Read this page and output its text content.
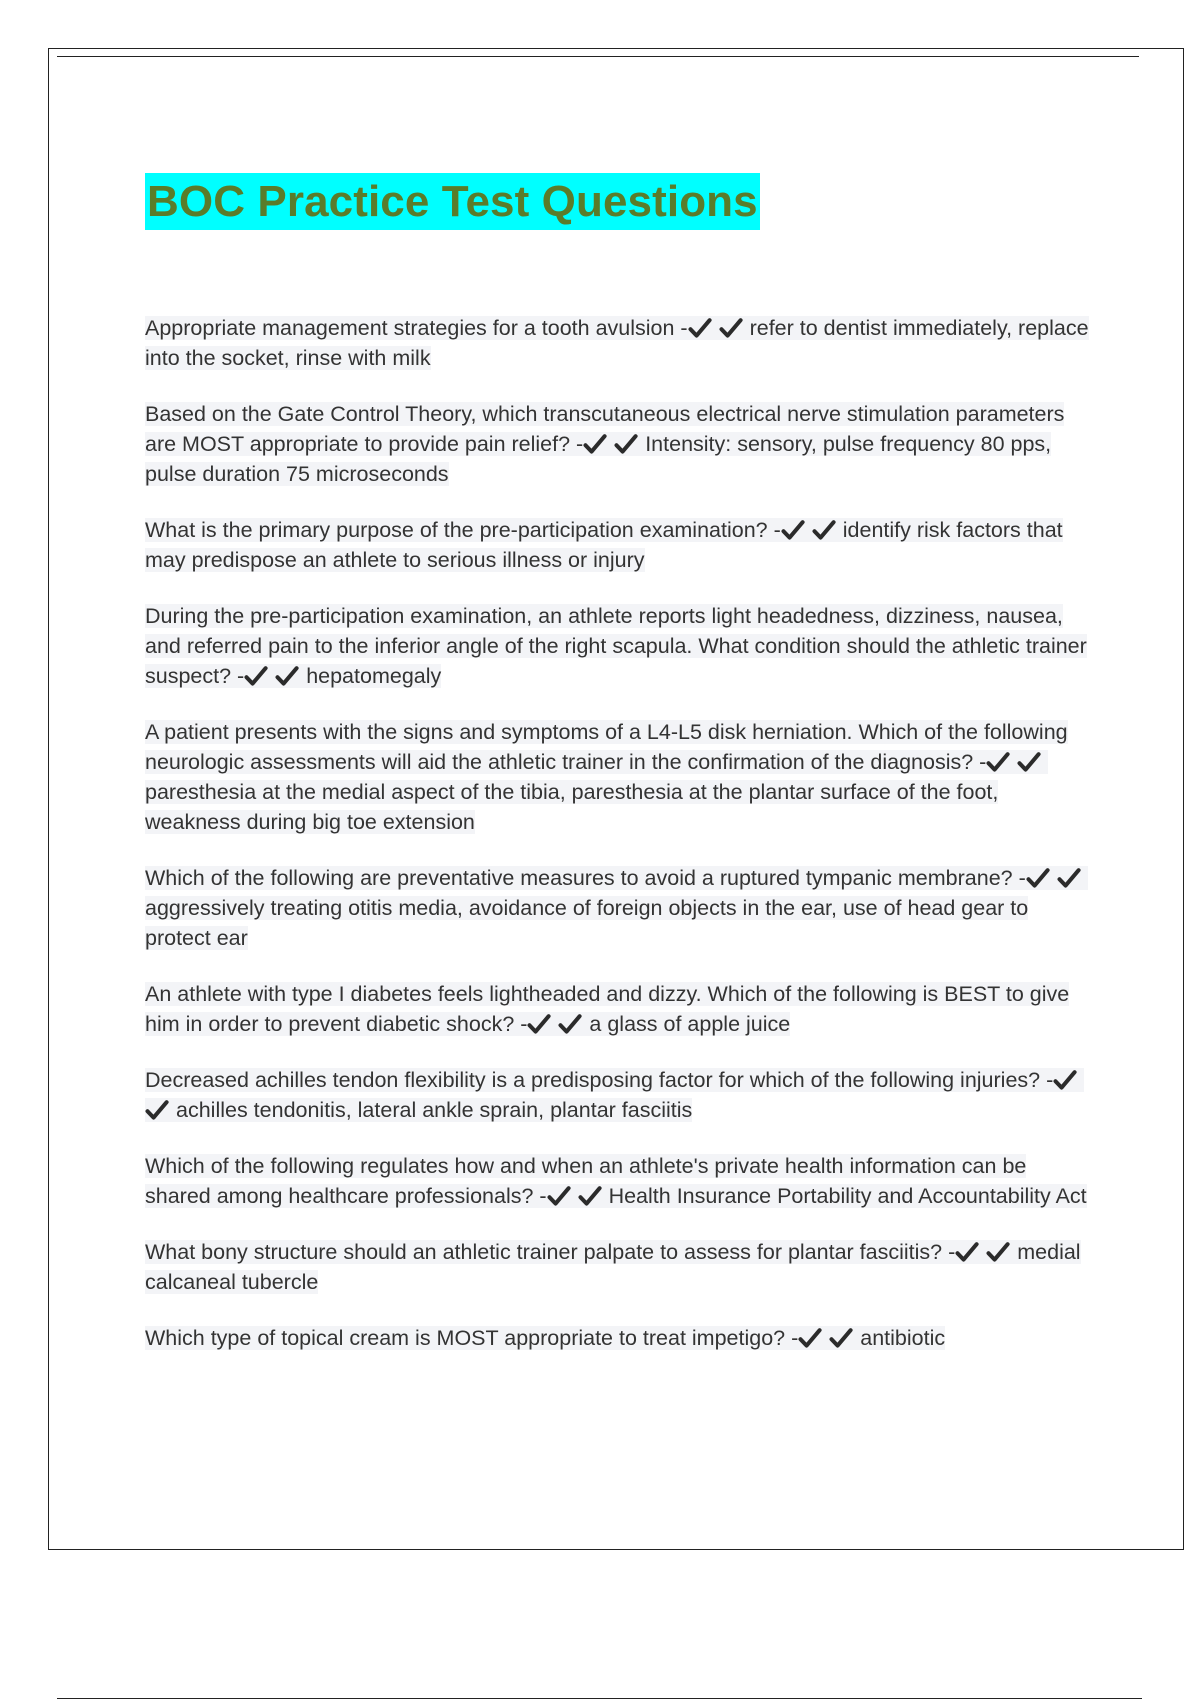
BOC Practice Test Questions

Appropriate management strategies for a tooth avulsion -	refer to dentist immediately, replace into the socket, rinse with milk

Based on the Gate Control Theory, which transcutaneous electrical nerve stimulation parameters are MOST appropriate to provide pain relief? -	Intensity: sensory, pulse frequency 80 pps, pulse duration 75 microseconds

What is the primary purpose of the pre-participation examination? -	identify risk factors that may predispose an athlete to serious illness or injury

During the pre-participation examination, an athlete reports light headedness, dizziness, nausea, and referred pain to the inferior angle of the right scapula. What condition should the athletic trainer suspect? -	hepatomegaly

A patient presents with the signs and symptoms of a L4-L5 disk herniation. Which of the following neurologic assessments will aid the athletic trainer in the confirmation of the diagnosis? -
paresthesia at the medial aspect of the tibia, paresthesia at the plantar surface of the foot, weakness during big toe extension

Which of the following are preventative measures to avoid a ruptured tympanic membrane? -
aggressively treating otitis media, avoidance of foreign objects in the ear, use of head gear to protect ear

An athlete with type I diabetes feels lightheaded and dizzy. Which of the following is BEST to give him in order to prevent diabetic shock? -	a glass of apple juice

Decreased achilles tendon flexibility is a predisposing factor for which of the following injuries? -
achilles tendonitis, lateral ankle sprain, plantar fasciitis

Which of the following regulates how and when an athlete's private health information can be shared among healthcare professionals? -	Health Insurance Portability and Accountability Act

What bony structure should an athletic trainer palpate to assess for plantar fasciitis? -	medial calcaneal tubercle

Which type of topical cream is MOST appropriate to treat impetigo? -	antibiotic
